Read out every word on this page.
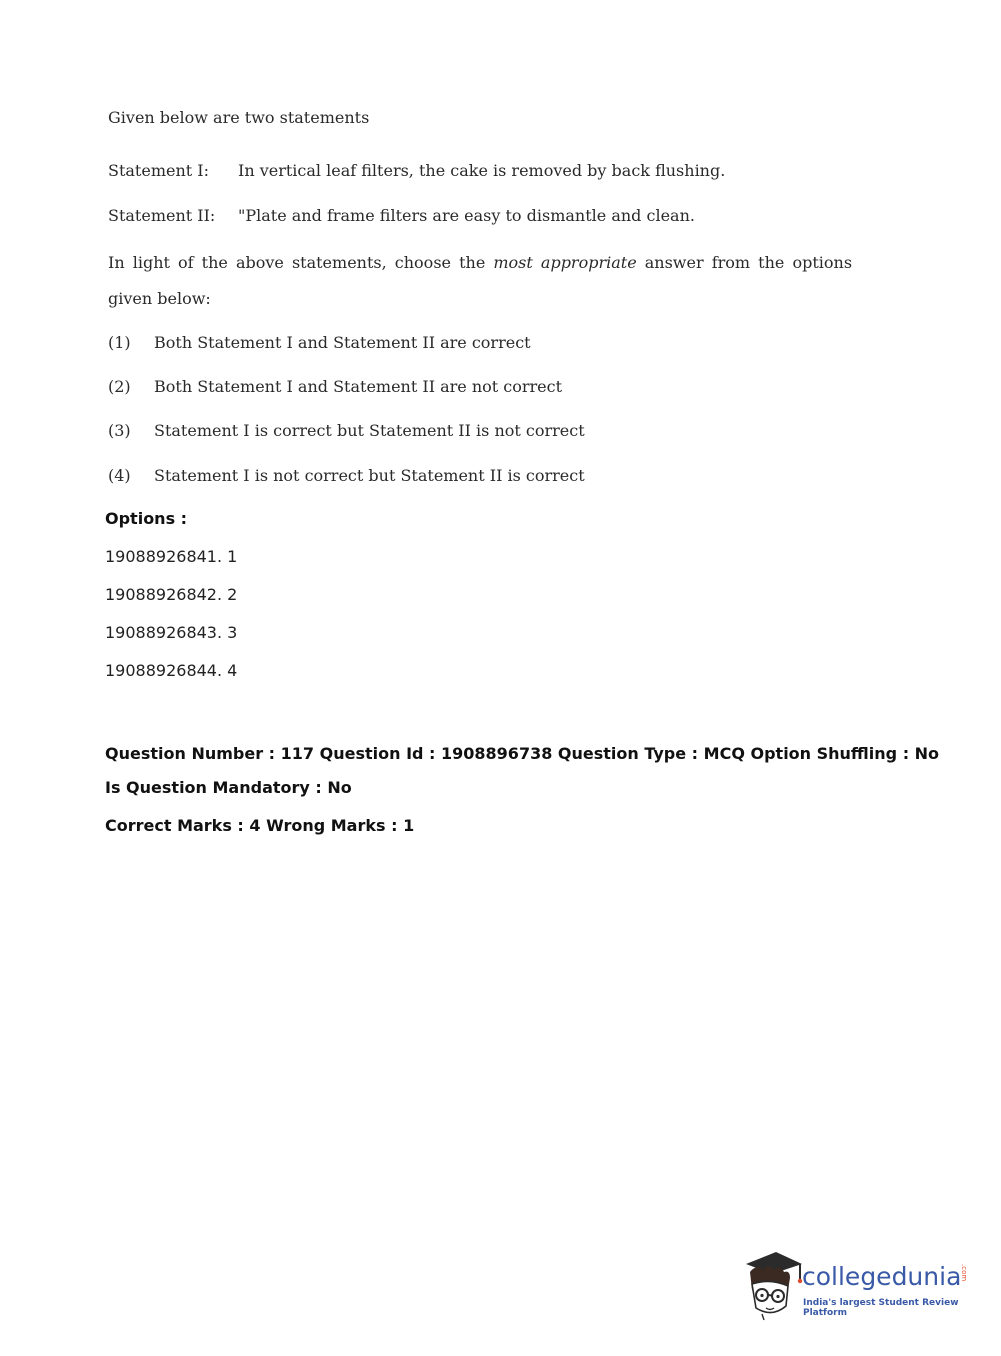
Given below are two statements
Statement I: In vertical leaf filters, the cake is removed by back flushing.
Statement II: "Plate and frame filters are easy to dismantle and clean.
In light of the above statements, choose the most appropriate answer from the options
given below:
(1) Both Statement I and Statement II are correct
(2) Both Statement I and Statement II are not correct
(3) Statement I is correct but Statement II is not correct
(4) Statement I is not correct but Statement II is correct
Options :
19088926841. 1
19088926842. 2
19088926843. 3
19088926844. 4
Question Number : 117 Question Id : 1908896738 Question Type : MCQ Option Shuffling : No
Is Question Mandatory : No
Correct Marks : 4 Wrong Marks : 1
collegedunia
.com
India's largest Student Review Platform
